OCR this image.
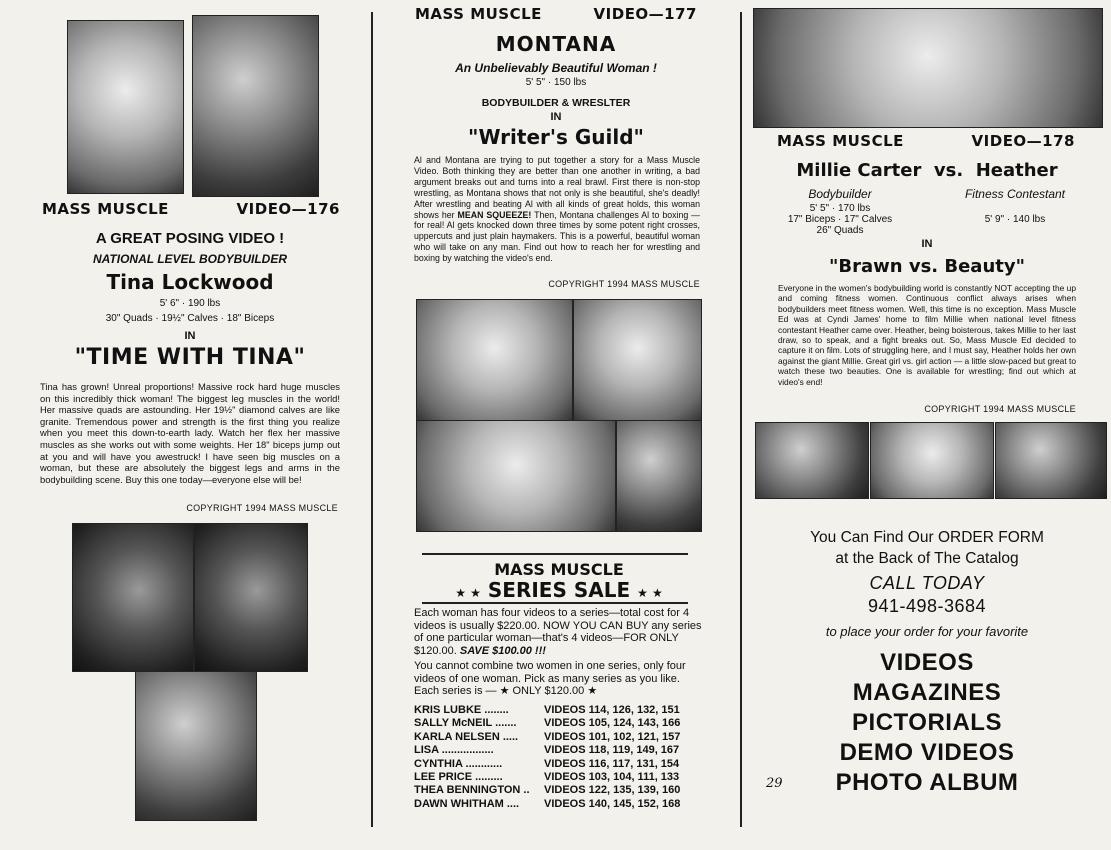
MASS MUSCLE	VIDEO—176
A GREAT POSING VIDEO !
NATIONAL LEVEL BODYBUILDER
Tina Lockwood
5' 6" · 190 lbs
30" Quads · 19½" Calves · 18" Biceps
IN
"TIME WITH TINA"
Tina has grown! Unreal proportions! Massive rock hard huge muscles on this incredibly thick woman! The biggest leg muscles in the world! Her massive quads are astounding. Her 19½" diamond calves are like granite. Tremendous power and strength is the first thing you realize when you meet this down-to-earth lady. Watch her flex her massive muscles as she works out with some weights. Her 18" biceps jump out at you and will have you awestruck! I have seen big muscles on a woman, but these are absolutely the biggest legs and arms in the bodybuilding scene. Buy this one today—everyone else will be!
COPYRIGHT 1994 MASS MUSCLE
MASS MUSCLE	VIDEO—177
MONTANA
An Unbelievably Beautiful Woman !
5' 5" · 150 lbs
BODYBUILDER & WRESLTER
IN
"Writer's Guild"
Al and Montana are trying to put together a story for a Mass Muscle Video. Both thinking they are better than one another in writing, a bad argument breaks out and turns into a real brawl. First there is non-stop wrestling, as Montana shows that not only is she beautiful, she's deadly! After wrestling and beating Al with all kinds of great holds, this woman shows her MEAN SQUEEZE! Then, Montana challenges Al to boxing — for real! Al gets knocked down three times by some potent right crosses, uppercuts and just plain haymakers. This is a powerful, beautiful woman who will take on any man. Find out how to reach her for wrestling and boxing by watching the video's end.
COPYRIGHT 1994 MASS MUSCLE
MASS MUSCLE
★ ★ SERIES SALE ★ ★
Each woman has four videos to a series—total cost for 4 videos is usually $220.00. NOW YOU CAN BUY any series of one particular woman—that's 4 videos—FOR ONLY $120.00. SAVE $100.00 !!!
You cannot combine two women in one series, only four videos of one woman. Pick as many series as you like. Each series is — ★ ONLY $120.00 ★
KRIS LUBKE ........	VIDEOS 114, 126, 132, 151
SALLY McNEIL .......	VIDEOS 105, 124, 143, 166
KARLA NELSEN .....	VIDEOS 101, 102, 121, 157
LISA .................	VIDEOS 118, 119, 149, 167
CYNTHIA ............	VIDEOS 116, 117, 131, 154
LEE PRICE .........	VIDEOS 103, 104, 111, 133
THEA BENNINGTON ..	VIDEOS 122, 135, 139, 160
DAWN WHITHAM ....	VIDEOS 140, 145, 152, 168
MASS MUSCLE	VIDEO—178
Millie Carter  vs.  Heather
Bodybuilder	Fitness Contestant
5' 5" · 170 lbs
17" Biceps · 17" Calves
26" Quads
5' 9" · 140 lbs
IN
"Brawn vs. Beauty"
Everyone in the women's bodybuilding world is constantly NOT accepting the up and coming fitness women. Continuous conflict always arises when bodybuilders meet fitness women. Well, this time is no exception. Mass Muscle Ed was at Cyndi James' home to film Millie when national level fitness contestant Heather came over. Heather, being boisterous, takes Millie to her last draw, so to speak, and a fight breaks out. So, Mass Muscle Ed decided to capture it on film. Lots of struggling here, and I must say, Heather holds her own against the giant Millie. Great girl vs. girl action — a little slow-paced but great to watch these two beauties. One is available for wrestling; find out which at video's end!
COPYRIGHT 1994 MASS MUSCLE
You Can Find Our ORDER FORM
at the Back of The Catalog
CALL TODAY
941-498-3684
to place your order for your favorite
VIDEOS
MAGAZINES
PICTORIALS
DEMO VIDEOS
PHOTO ALBUM
29
